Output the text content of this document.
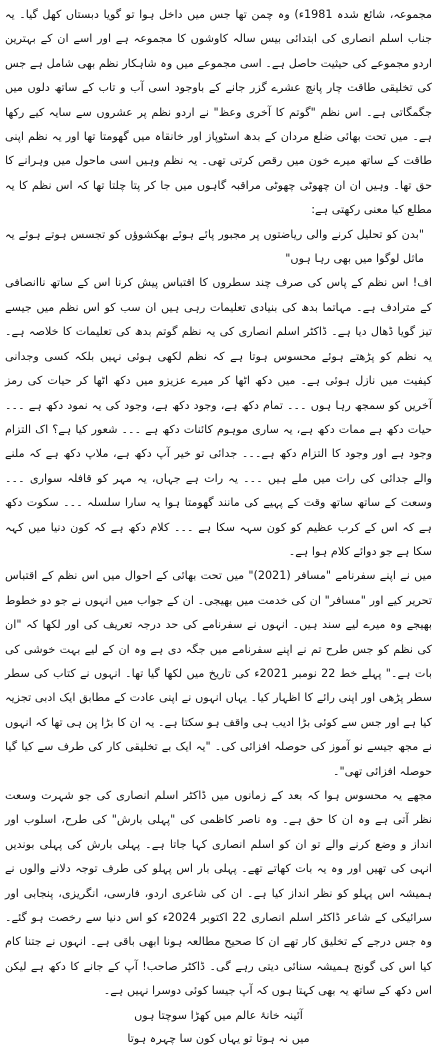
مجموعہ، شائع شدہ 1981ء) وہ چمن تھا جس میں داخل ہوا تو گویا دبستاں کھل گیا۔ یہ جناب اسلم انصاری کی ابتدائی بیس سالہ کاوشوں کا مجموعہ ہے اور اسے ان کے بہترین اردو مجموعے کی حیثیت حاصل ہے۔ اسی مجموعے میں وہ شاہکار نظم بھی شامل ہے جس کی تخلیقی طاقت چار پانچ عشرے گزر جانے کے باوجود اسی آب و تاب کے ساتھ دلوں میں جگمگاتی ہے۔ اس نظم "گوتم کا آخری وعظ" نے اردو نظم پر عشروں سے سایہ کیے رکھا ہے۔ میں تحت بھائی ضلع مردان کے بدھ اسٹوپاز اور خانقاہ میں گھومتا تھا اور یہ نظم اپنی طاقت کے ساتھ میرے خون میں رقص کرتی تھی۔ یہ نظم وہیں اسی ماحول میں وہرانے کا حق تھا۔ وہیں ان ان چھوٹی چھوٹی مراقبہ گاہوں میں جا کر پتا چلتا تھا کہ اس نظم کا یہ مطلع کیا معنی رکھتی ہے:

"بدن کو تحلیل کرنے والی ریاضتوں پر مجبور پائے ہوئے بھکشوؤں کو تجسس ہوتے ہوئے یہ ماثل لوگوا میں بھی رہا ہوں"

اف! اس نظم کے پاس کی صرف چند سطروں کا اقتباس پیش کرنا اس کے ساتھ ناانصافی کے مترادف ہے۔ مہاتما بدھ کی بنیادی تعلیمات رہی ہیں ان سب کو اس نظم میں جیسے تیز گویا ڈھال دیا ہے۔ ڈاکٹر اسلم انصاری کی یہ نظم گوتم بدھ کی تعلیمات کا خلاصہ ہے۔ یہ نظم کو پڑھتے ہوئے محسوس ہوتا ہے کہ نظم لکھی ہوئی نہیں بلکہ کسی وجدانی کیفیت میں نازل ہوئی ہے۔ میں دکھ اٹھا کر میرے عزیزو میں دکھ اٹھا کر حیات کی رمز آخریں کو سمجھ رہا ہوں ۔۔۔ تمام دکھ ہے، وجود دکھ ہے، وجود کی یہ نمود دکھ ہے ۔۔۔ حیات دکھ ہے ممات دکھ ہے، یہ ساری موہوم کائنات دکھ ہے ۔۔۔ شعور کیا ہے؟ اک التزام وجود ہے اور وجود کا التزام دکھ ہے۔۔۔ جدائی تو خیر آپ دکھ ہے، ملاپ دکھ ہے کہ ملنے والے جدائی کی رات میں ملے ہیں ۔۔۔ یہ رات ہے جہاں، یہ مہر کو قافلہ سواری ۔۔۔ وسعت کے ساتھ ساتھ وقت کے پہیے کی مانند گھومتا ہوا یہ سارا سلسلہ ۔۔۔ سکوت دکھ ہے کہ اس کے کرب عظیم کو کون سہہ سکا ہے ۔۔۔ کلام دکھ ہے کہ کون دنیا میں کہہ سکا ہے جو دوائے کلام ہوا ہے۔

میں نے اپنے سفرنامے "مسافر (2021)" میں تحت بھائی کے احوال میں اس نظم کے اقتباس تحریر کیے اور "مسافر" ان کی خدمت میں بھیجی۔ ان کے جواب میں انہوں نے جو دو خطوط بھیجے وہ میرے لیے سند ہیں۔ انہوں نے سفرنامے کی حد درجہ تعریف کی اور لکھا کہ "ان کی نظم کو جس طرح تم نے اپنے سفرنامے میں جگہ دی ہے وہ ان کے لیے بہت خوشی کی بات ہے۔" پہلے خط 22 نومبر 2021ء کی تاریخ میں لکھا گیا تھا۔ انہوں نے کتاب کی سطر سطر پڑھی اور اپنی رائے کا اظہار کیا۔ یہاں انہوں نے اپنی عادت کے مطابق ایک ادبی تجزیہ کیا ہے اور جس سے کوئی بڑا ادیب ہی واقف ہو سکتا ہے۔ یہ ان کا بڑا پن ہی تھا کہ انہوں نے مجھ جیسے نو آموز کی حوصلہ افزائی کی۔ "یہ ایک بے تخلیقی کار کی طرف سے کیا گیا حوصلہ افزائی تھی"۔

مجھے یہ محسوس ہوا کہ بعد کے زمانوں میں ڈاکٹر اسلم انصاری کی جو شہرت وسعت نظر آتی ہے وہ ان کا حق ہے۔ وہ ناصر کاظمی کی "پہلی بارش" کی طرح، اسلوب اور انداز و وضع کرنے والے تو ان کو اسلم انصاری کہا جاتا ہے۔ پہلی بارش کی پہلی بوندیں انہی کی تھیں اور وہ یہ بات کھاتے تھے۔ پہلی بار اس پہلو کی طرف توجہ دلانے والوں نے ہمیشہ اس پہلو کو نظر انداز کیا ہے۔ ان کی شاعری اردو، فارسی، انگریزی، پنجابی اور سرائیکی کے شاعر ڈاکٹر اسلم انصاری 22 اکتوبر 2024ء کو اس دنیا سے رخصت ہو گئے۔ وہ جس درجے کے تخلیق کار تھے ان کا صحیح مطالعہ ہونا ابھی باقی ہے۔ انہوں نے جتنا کام کیا اس کی گونج ہمیشہ سنائی دیتی رہے گی۔ ڈاکٹر صاحب! آپ کے جانے کا دکھ ہے لیکن اس دکھ کے ساتھ یہ بھی کہتا ہوں کہ آپ جیسا کوئی دوسرا نہیں ہے۔

آئینہ خانۂ عالم میں کھڑا سوچتا ہوں
میں نہ ہوتا تو یہاں کون سا چہرہ ہوتا
